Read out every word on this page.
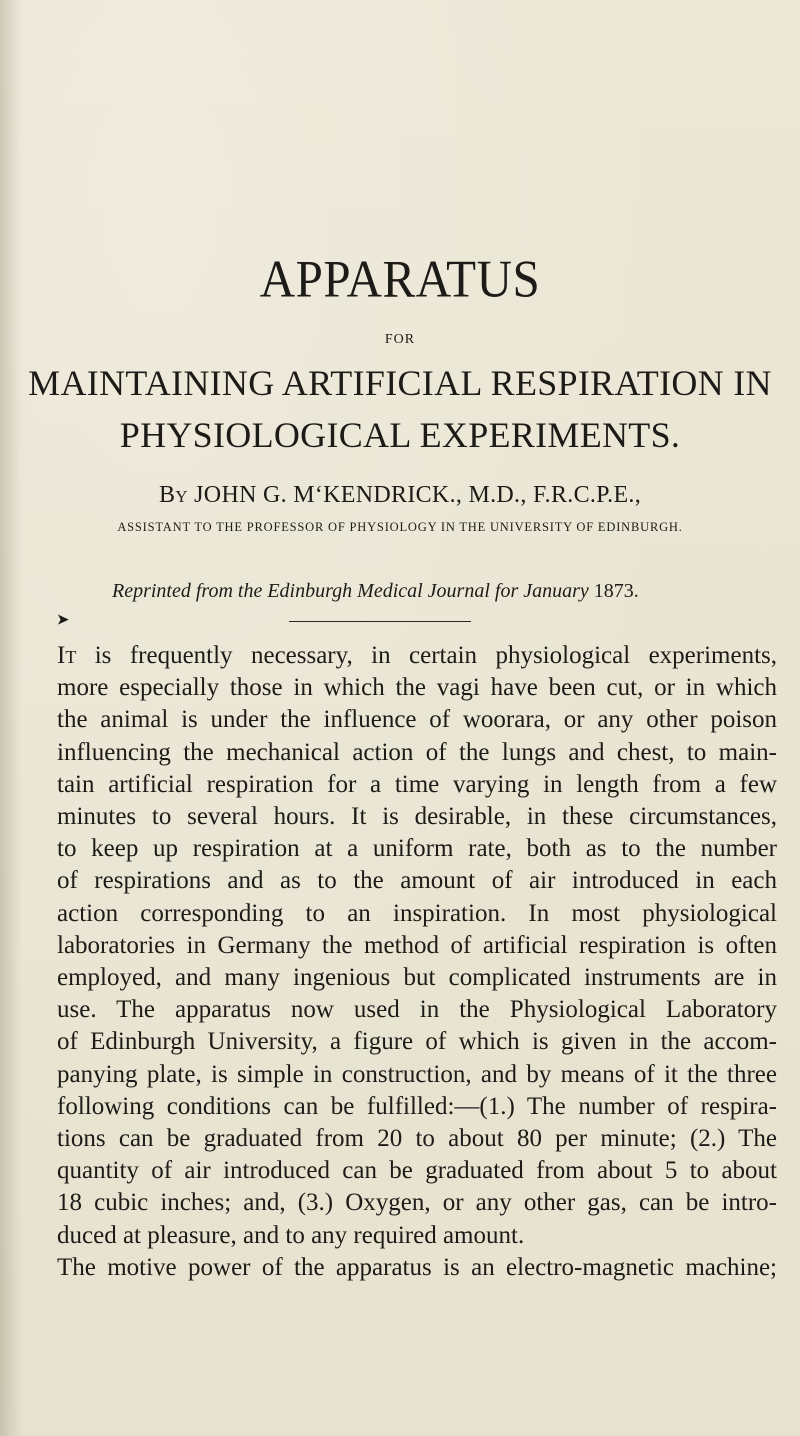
APPARATUS
FOR
MAINTAINING ARTIFICIAL RESPIRATION IN
PHYSIOLOGICAL EXPERIMENTS.
By JOHN G. M‘KENDRICK., M.D., F.R.C.P.E.,
ASSISTANT TO THE PROFESSOR OF PHYSIOLOGY IN THE UNIVERSITY OF EDINBURGH.
Reprinted from the Edinburgh Medical Journal for January 1873.
➤
It is frequently necessary, in certain physiological experiments,
more especially those in which the vagi have been cut, or in which
the animal is under the influence of woorara, or any other poison
influencing the mechanical action of the lungs and chest, to main-
tain artificial respiration for a time varying in length from a few
minutes to several hours. It is desirable, in these circumstances,
to keep up respiration at a uniform rate, both as to the number
of respirations and as to the amount of air introduced in each
action corresponding to an inspiration. In most physiological
laboratories in Germany the method of artificial respiration is often
employed, and many ingenious but complicated instruments are in
use. The apparatus now used in the Physiological Laboratory
of Edinburgh University, a figure of which is given in the accom-
panying plate, is simple in construction, and by means of it the three
following conditions can be fulfilled:—(1.) The number of respira-
tions can be graduated from 20 to about 80 per minute; (2.) The
quantity of air introduced can be graduated from about 5 to about
18 cubic inches; and, (3.) Oxygen, or any other gas, can be intro-
duced at pleasure, and to any required amount.
The motive power of the apparatus is an electro-magnetic machine;
